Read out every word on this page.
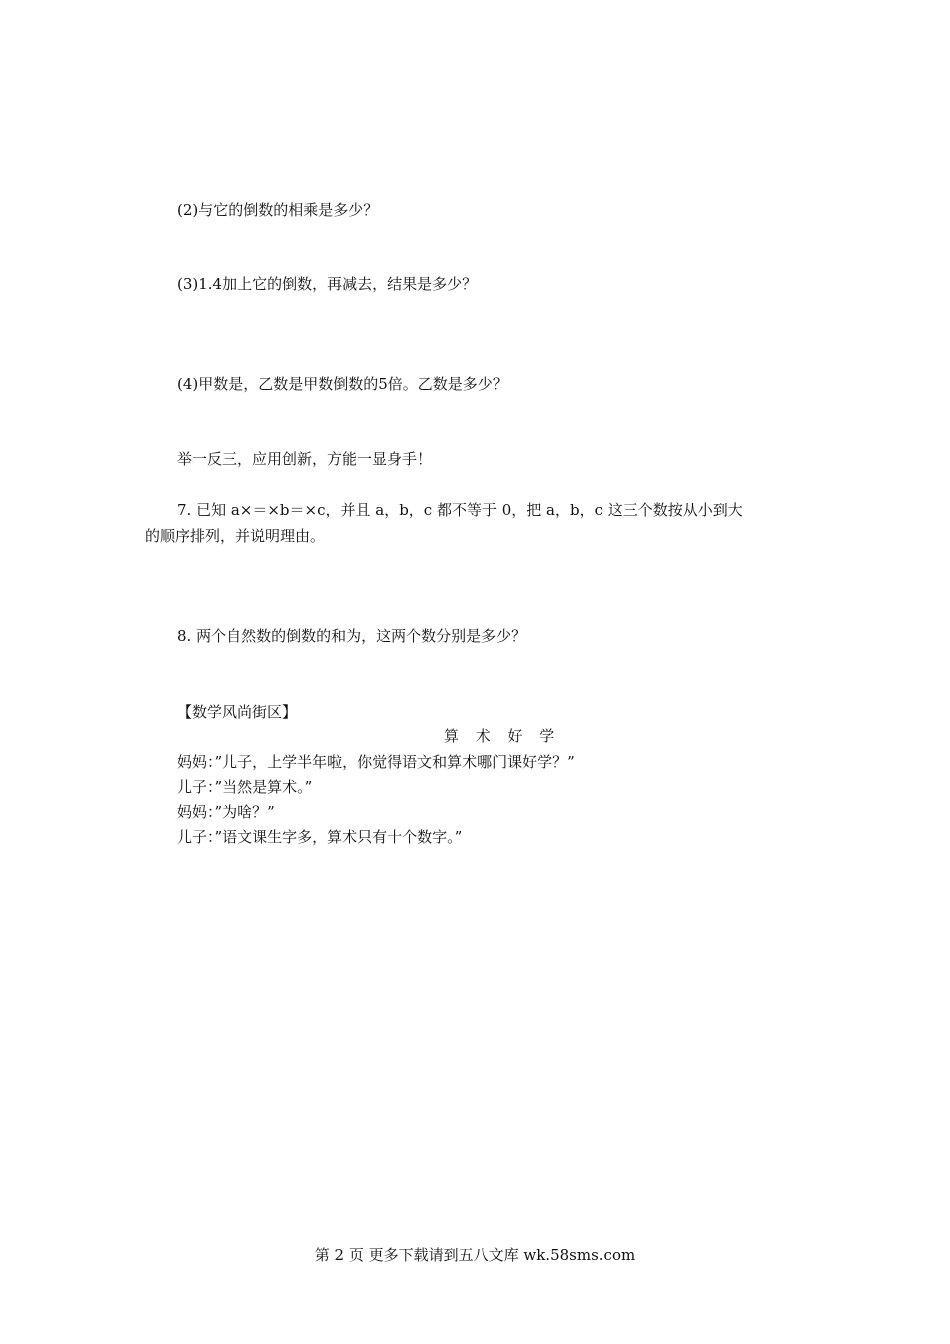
(2)与它的倒数的相乘是多少？
(3)1.4加上它的倒数，再减去，结果是多少？
(4)甲数是，乙数是甲数倒数的5倍。乙数是多少？
举一反三，应用创新，方能一显身手！
7. 已知 a×＝×b＝×c，并且 a，b，c 都不等于 0，把 a，b，c 这三个数按从小到大
的顺序排列，并说明理由。
8. 两个自然数的倒数的和为，这两个数分别是多少？
【数学风尚街区】
算 术 好 学
妈妈：”儿子，上学半年啦，你觉得语文和算术哪门课好学？”
儿子：”当然是算术。”
妈妈：”为啥？”
儿子：”语文课生字多，算术只有十个数字。”
第 2 页 更多下载请到五八文库 wk.58sms.com
